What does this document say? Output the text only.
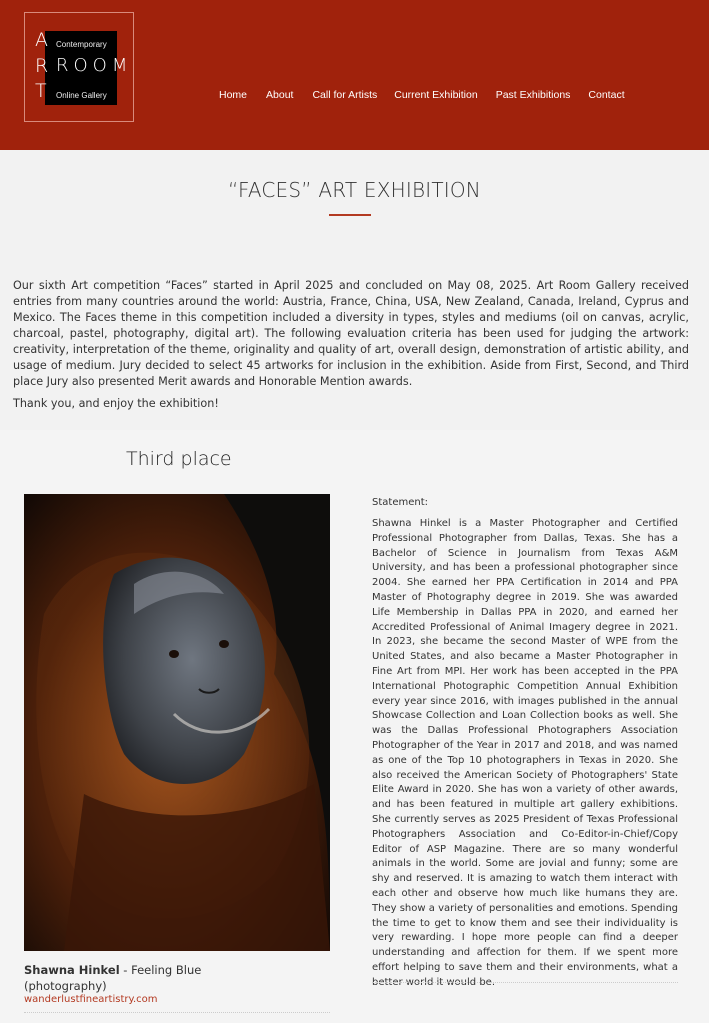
A
R
T
Contemporary
ROOM
Online Gallery	Home About Call for Artists Current Exhibition Past Exhibitions Contact
“FACES” ART EXHIBITION

Our sixth Art competition “Faces” started in April 2025 and concluded on May 08, 2025. Art Room Gallery received entries from many countries around the world: Austria, France, China, USA, New Zealand, Canada, Ireland, Cyprus and Mexico. The Faces theme in this competition included a diversity in types, styles and mediums (oil on canvas, acrylic, charcoal, pastel, photography, digital art). The following evaluation criteria has been used for judging the artwork: creativity, interpretation of the theme, originality and quality of art, overall design, demonstration of artistic ability, and usage of medium. Jury decided to select 45 artworks for inclusion in the exhibition. Aside from First, Second, and Third place Jury also presented Merit awards and Honorable Mention awards.

Thank you, and enjoy the exhibition!

Third place

Shawna Hinkel - Feeling Blue (photography)

wanderlustfineartistry.com

Statement:

Shawna Hinkel is a Master Photographer and Certified Professional Photographer from Dallas, Texas. She has a Bachelor of Science in Journalism from Texas A&M University, and has been a professional photographer since 2004. She earned her PPA Certification in 2014 and PPA Master of Photography degree in 2019. She was awarded Life Membership in Dallas PPA in 2020, and earned her Accredited Professional of Animal Imagery degree in 2021. In 2023, she became the second Master of WPE from the United States, and also became a Master Photographer in Fine Art from MPI. Her work has been accepted in the PPA International Photographic Competition Annual Exhibition every year since 2016, with images published in the annual Showcase Collection and Loan Collection books as well. She was the Dallas Professional Photographers Association Photographer of the Year in 2017 and 2018, and was named as one of the Top 10 photographers in Texas in 2020. She also received the American Society of Photographers' State Elite Award in 2020. She has won a variety of other awards, and has been featured in multiple art gallery exhibitions. She currently serves as 2025 President of Texas Professional Photographers Association and Co-Editor-in-Chief/Copy Editor of ASP Magazine. There are so many wonderful animals in the world. Some are jovial and funny; some are shy and reserved. It is amazing to watch them interact with each other and observe how much like humans they are. They show a variety of personalities and emotions. Spending the time to get to know them and see their individuality is very rewarding. I hope more people can find a deeper understanding and affection for them. If we spent more effort helping to save them and their environments, what a better world it would be.
